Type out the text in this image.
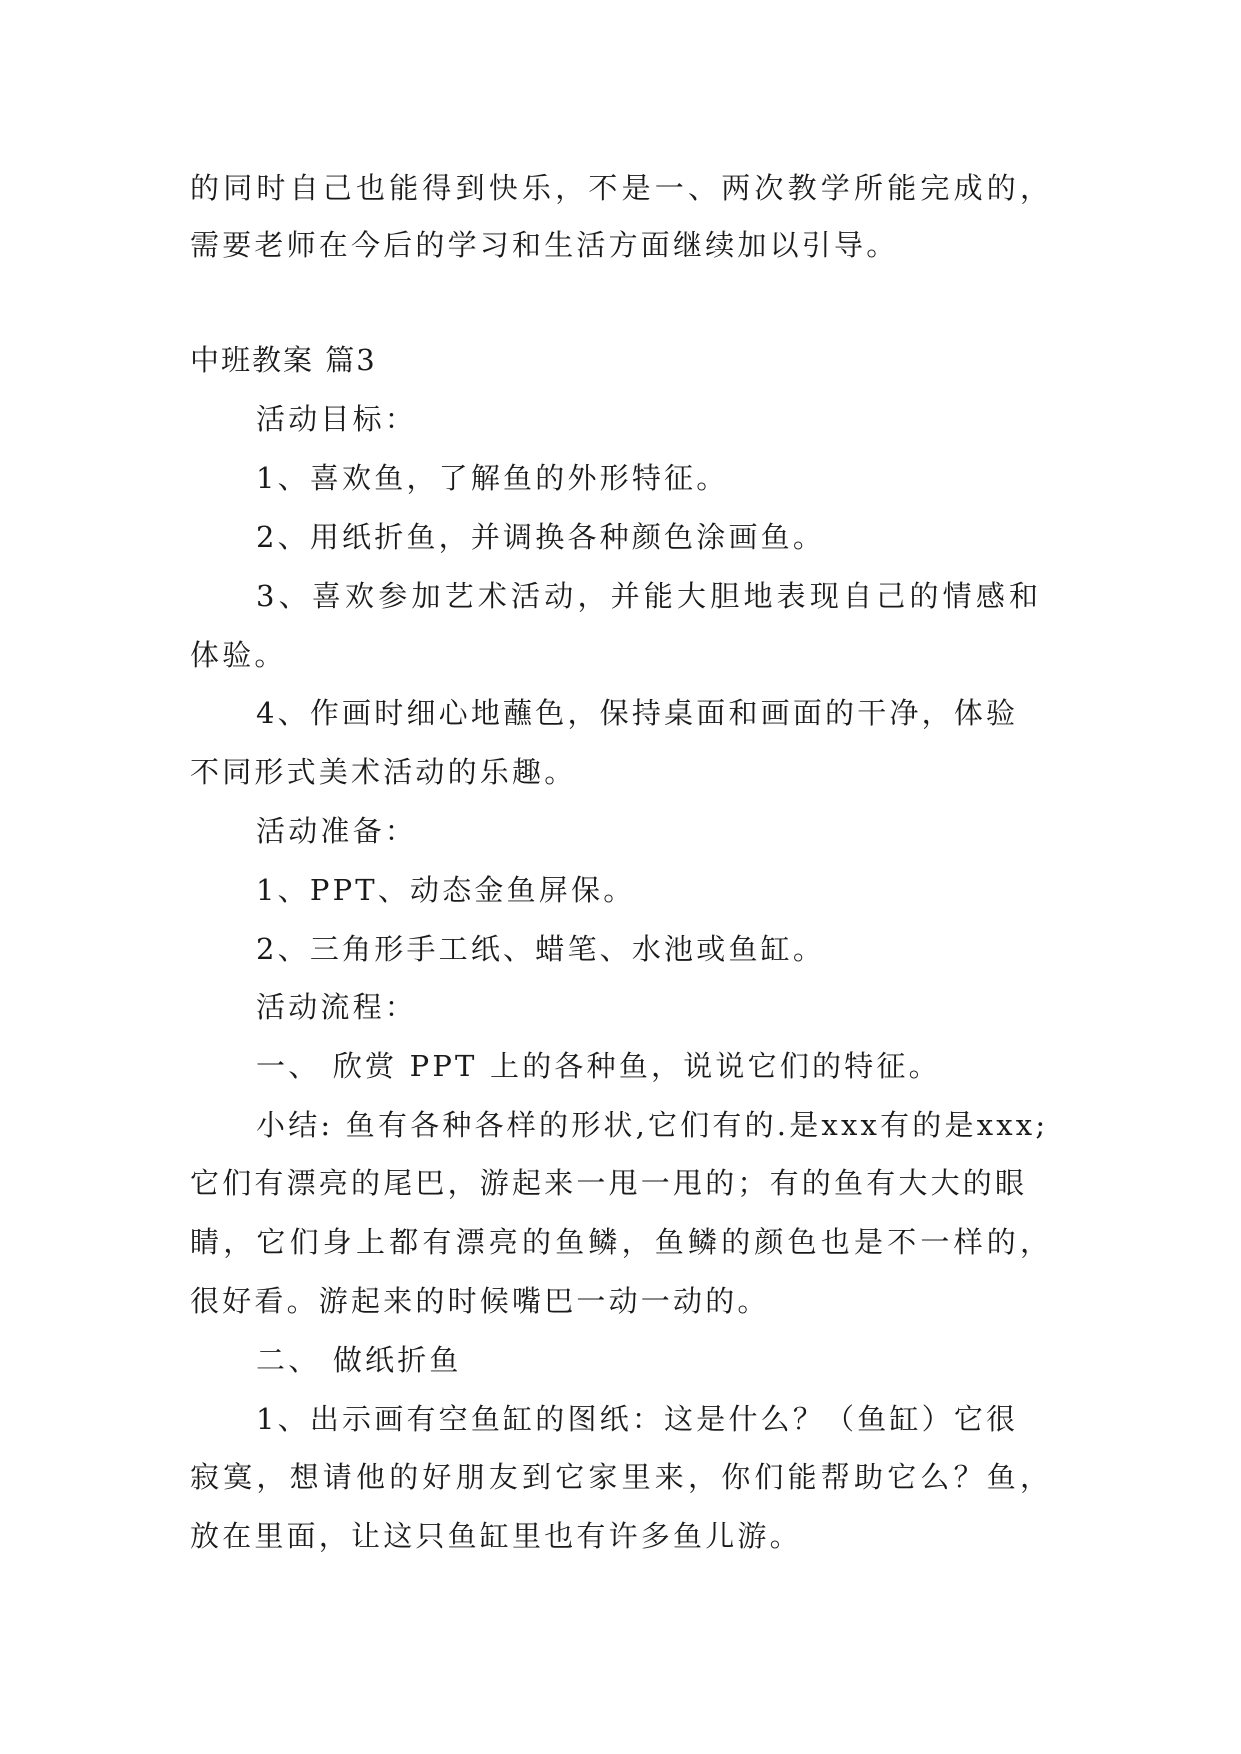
的同时自己也能得到快乐，不是一、两次教学所能完成的，
需要老师在今后的学习和生活方面继续加以引导。
中班教案 篇3
活动目标：
1、喜欢鱼，了解鱼的外形特征。
2、用纸折鱼，并调换各种颜色涂画鱼。
3、喜欢参加艺术活动，并能大胆地表现自己的情感和
体验。
4、作画时细心地蘸色，保持桌面和画面的干净，体验
不同形式美术活动的乐趣。
活动准备：
1、PPT、动态金鱼屏保。
2、三角形手工纸、蜡笔、水池或鱼缸。
活动流程：
一、 欣赏 PPT 上的各种鱼，说说它们的特征。
小结: 鱼有各种各样的形状,它们有的.是xxx有的是xxx;
它们有漂亮的尾巴，游起来一甩一甩的；有的鱼有大大的眼
睛，它们身上都有漂亮的鱼鳞，鱼鳞的颜色也是不一样的，
很好看。游起来的时候嘴巴一动一动的。
二、 做纸折鱼
1、出示画有空鱼缸的图纸：这是什么？（鱼缸）它很
寂寞，想请他的好朋友到它家里来，你们能帮助它么？鱼，
放在里面，让这只鱼缸里也有许多鱼儿游。
